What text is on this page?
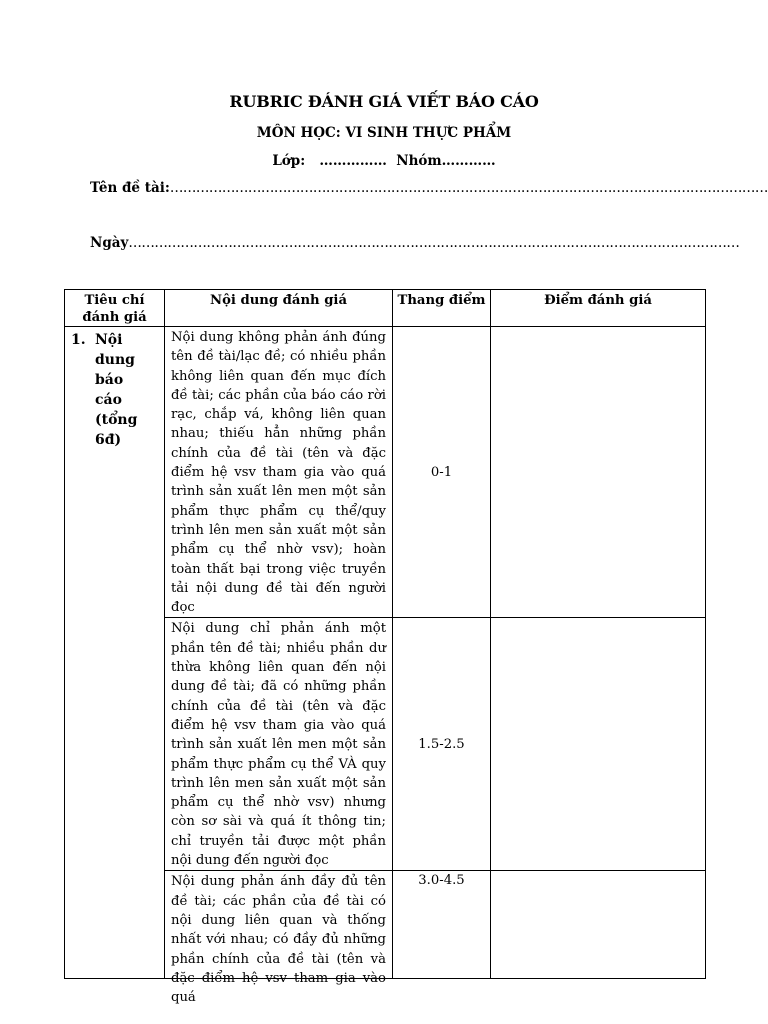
RUBRIC ĐÁNH GIÁ VIẾT BÁO CÁO
MÔN HỌC: VI SINH THỰC PHẨM
Lớp:   ……………  Nhóm…………
Tên đề tài:…………………………………………………………………………………………………………………………
Ngày……………………………………………………………………………………………………………………………
Tiêu chí đánh giá	Nội dung đánh giá	Thang điểm	Điểm đánh giá

1. Nội dung báo cáo (tổng 6đ)	Nội dung không phản ánh đúng tên đề tài/lạc đề; có nhiều phần không liên quan đến mục đích đề tài; các phần của báo cáo rời rạc, chắp vá, không liên quan nhau; thiếu hẳn những phần chính của đề tài (tên và đặc điểm hệ vsv tham gia vào quá trình sản xuất lên men một sản phẩm thực phẩm cụ thể/quy trình lên men sản xuất một sản phẩm cụ thể nhờ vsv); hoàn toàn thất bại trong việc truyền tải nội dung đề tài đến người đọc	0-1	
	Nội dung chỉ phản ánh một phần tên đề tài; nhiều phần dư thừa không liên quan đến nội dung đề tài; đã có những phần chính của đề tài (tên và đặc điểm hệ vsv tham gia vào quá trình sản xuất lên men một sản phẩm thực phẩm cụ thể VÀ quy trình lên men sản xuất một sản phẩm cụ thể nhờ vsv) nhưng còn sơ sài và quá ít thông tin; chỉ truyền tải được một phần nội dung đến người đọc	1.5-2.5	

	Nội dung phản ánh đầy đủ tên đề tài; các phần của đề tài có nội dung liên quan và thống nhất với nhau; có đầy đủ những phần chính của đề tài (tên và đặc điểm hệ vsv tham gia vào quá	3.0-4.5	
